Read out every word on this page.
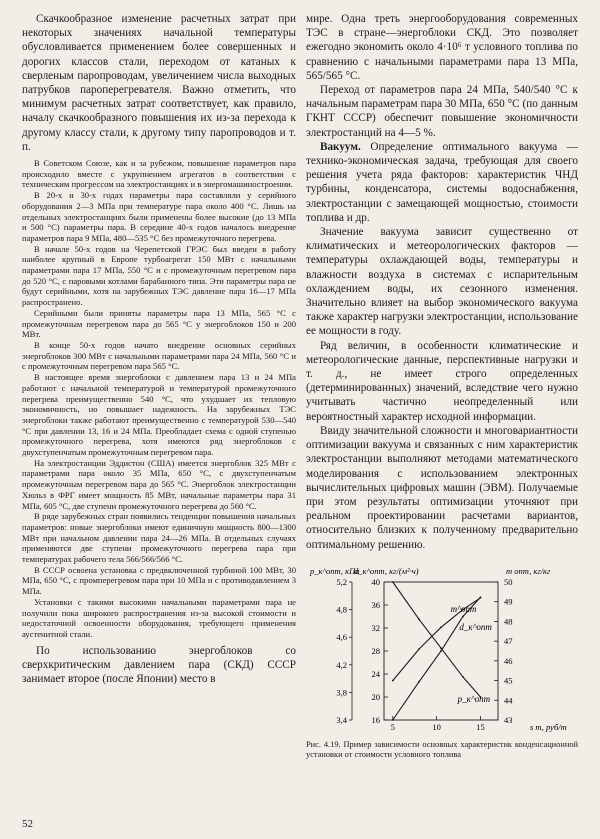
Скачкообразное изменение расчетных затрат при некоторых значениях начальной температуры обусловливается применением более совершенных и дорогих классов стали, переходом от катаных к сверленым паропроводам, увеличением числа выходных патрубков пароперегревателя. Важно отметить, что минимум расчетных затрат соответствует, как правило, началу скачкообразного повышения их из-за перехода к другому классу стали, к другому типу паропроводов и т. п.

В Советском Союзе, как и за рубежом, повышение параметров пара происходило вместе с укрупнением агрегатов в соответствии с техническим прогрессом на электростанциях и в энергомашиностроении.

В 20-х и 30-х годах параметры пара составляли у серийного оборудования 2—3 МПа при температуре пара около 400 °С. Лишь на отдельных электростанциях были применены более высокие (до 13 МПа и 500 °С) параметры пара. В середине 40-х годов началось внедрение параметров пара 9 МПа, 480—535 °С без промежуточного перегрева.

В начале 50-х годов на Черепетской ГРЭС был введен в работу наиболее крупный в Европе турбоагрегат 150 МВт с начальными параметрами пара 17 МПа, 550 °С и с промежуточным перегревом пара до 520 °С, с паровыми котлами барабанного типа. Эти параметры пара не будут серийными, хотя на зарубежных ТЭС давление пара 16—17 МПа распространено.

Серийными были приняты параметры пара 13 МПа, 565 °С с промежуточным перегревом пара до 565 °С у энергоблоков 150 и 200 МВт.

В конце 50-х годов начато внедрение основных серийных энергоблоков 300 МВт с начальными параметрами пара 24 МПа, 560 °С и с промежуточным перегревом пара 565 °С.

В настоящее время энергоблоки с давлением пара 13 и 24 МПа работают с начальной температурой и температурой промежуточного перегрева преимущественно 540 °С, что ухудшает их тепловую экономичность, но повышает надежность. На зарубежных ТЭС энергоблоки также работают преимущественно с температурой 530—540 °С при давлении 13, 16 и 24 МПа. Преобладает схема с одной ступенью промежуточного перегрева, хотя имеются ряд энергоблоков с двухступенчатым промежуточным перегревом пара.

На электростанции Эддистон (США) имеется энергоблок 325 МВт с параметрами пара около 35 МПа, 650 °С, с двухступенчатым промежуточным перегревом пара до 565 °С. Энергоблок электростанции Хюльз в ФРГ имеет мощность 85 МВт, начальные параметры пара 31 МПа, 605 °С, две ступени промежуточного перегрева до 560 °С.

В ряде зарубежных стран появились тенденции повышения начальных параметров: новые энергоблоки имеют единичную мощность 800—1300 МВт при начальном давлении пара 24—26 МПа. В отдельных случаях применяются две ступени промежуточного перегрева пара при температурах рабочего тела 566/566/566 °С.

В СССР освоена установка с предвключенной турбиной 100 МВт, 30 МПа, 650 °С, с промперегревом пара при 10 МПа и с противодавлением 3 МПа.

Установки с такими высокими начальными параметрами пара не получили пока широкого распространения из-за высокой стоимости и недостаточной освоенности оборудования, требующего применения аустенитной стали.

По использованию энергоблоков со сверхкритическим давлением пара (СКД) СССР занимает второе (после Японии) место в

мире. Одна треть энергооборудования современных ТЭС в стране—энергоблоки СКД. Это позволяет ежегодно экономить около 4·10⁶ т условного топлива по сравнению с начальными параметрами пара 13 МПа, 565/565 °С.

Переход от параметров пара 24 МПа, 540/540 °С к начальным параметрам пара 30 МПа, 650 °С (по данным ГКНТ СССР) обеспечит повышение экономичности электростанций на 4—5 %.

Вакуум. Определение оптимального вакуума — технико-экономическая задача, требующая для своего решения учета ряда факторов: характеристик ЧНД турбины, конденсатора, системы водоснабжения, электростанции с замещающей мощностью, стоимости топлива и др.

Значение вакуума зависит существенно от климатических и метеорологических факторов — температуры охлаждающей воды, температуры и влажности воздуха в системах с испарительным охлаждением воды, их сезонного изменения. Значительно влияет на выбор экономического вакуума также характер нагрузки электростанции, использование ее мощности в году.

Ряд величин, в особенности климатические и метеорологические данные, перспективные нагрузки и т. д., не имеет строго определенных (детерминированных) значений, вследствие чего нужно учитывать частично неопределенный или вероятностный характер исходной информации.

Ввиду значительной сложности и многовариантности оптимизации вакуума и связанных с ним характеристик электростанции выполняют методами математического моделирования с использованием электронных вычислительных цифровых машин (ЭВМ). Получаемые при этом результаты оптимизации уточняют при реальном проектировании расчетами вариантов, относительно близких к полученному предварительно оптимальному решению.

40
36
32
28
24
20
16
5,2
4,8
4,6
4,2
3,8
3,4
50
49
48
47
46
45
44
43
5	10	15
p_к^опт, кПа
d_к^опт, кг/(м²·ч)	m опт, кг/кг
s т, руб/т
m^опт
d_к^опт
p_к^опт

Рис. 4.19. Пример зависимости основных характеристик конденсационной установки от стоимости условного топлива

52
